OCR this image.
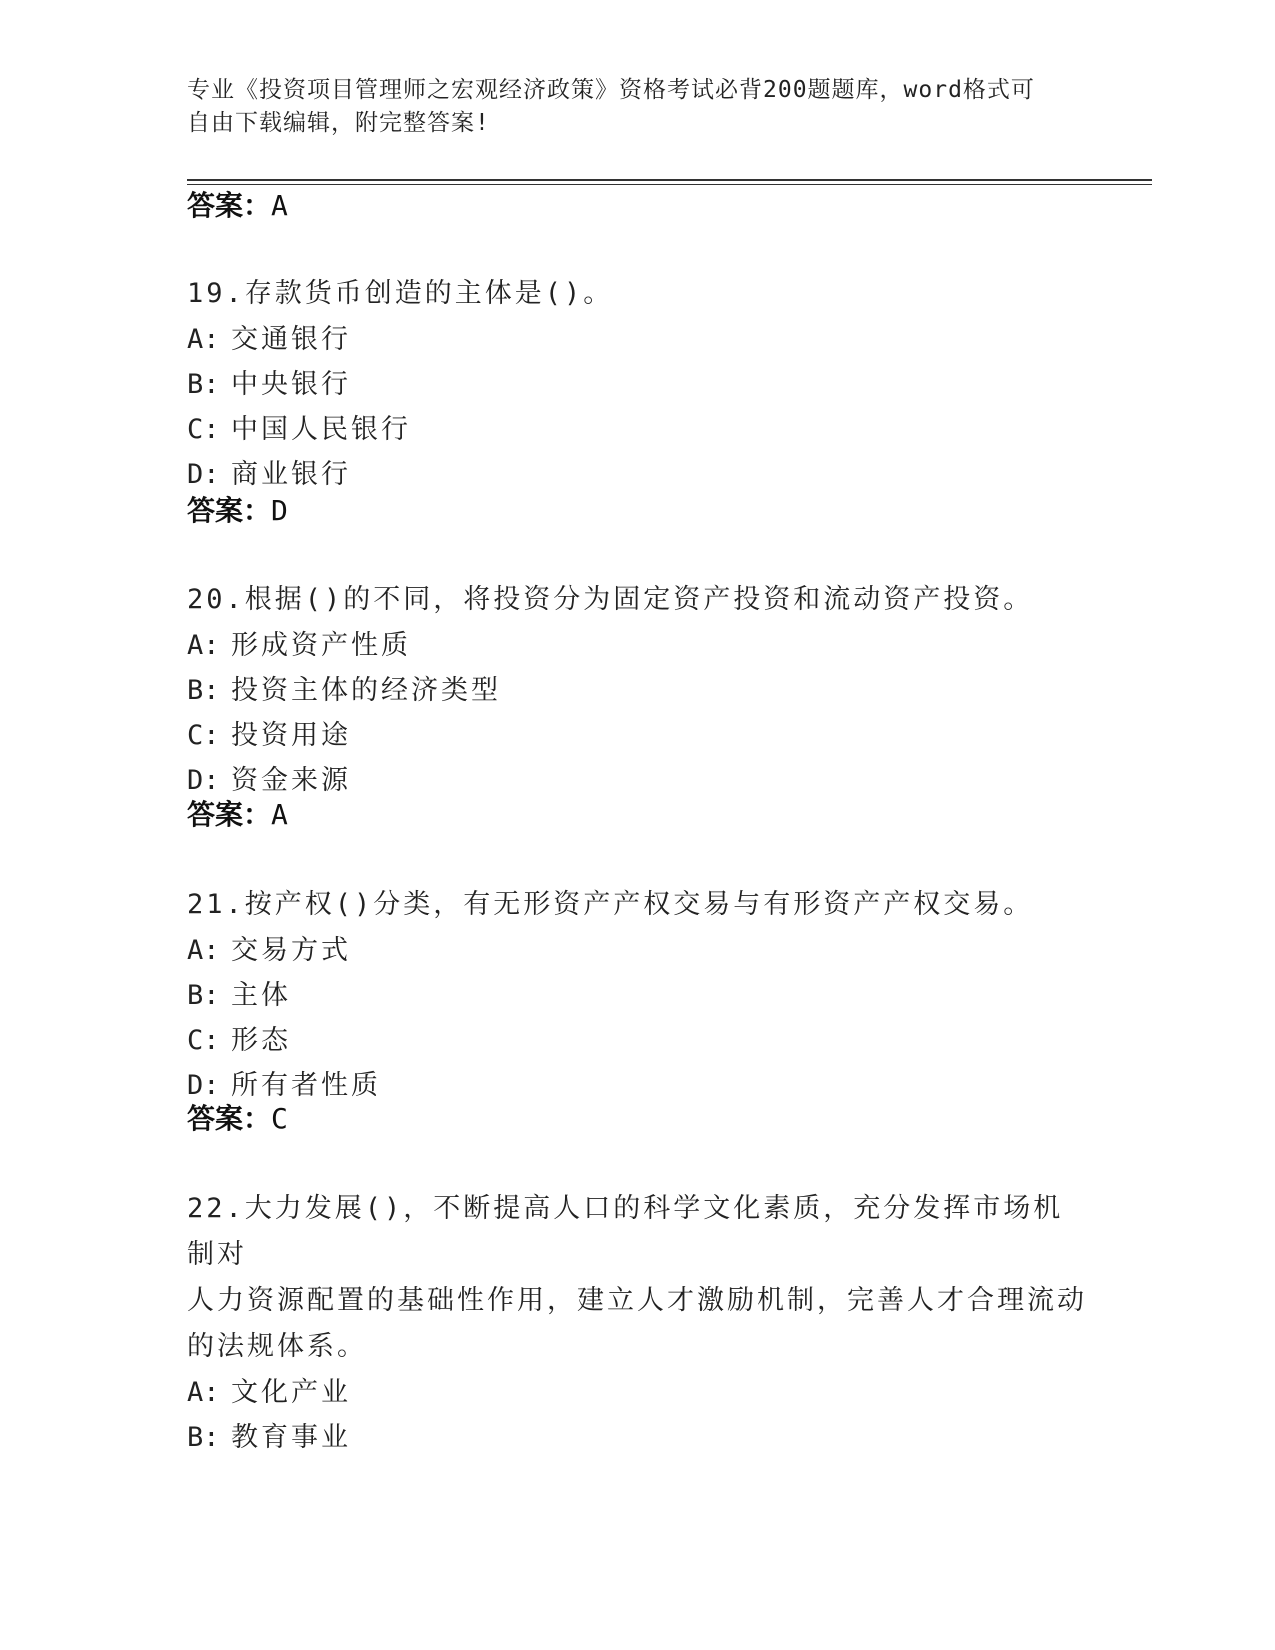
专业《投资项目管理师之宏观经济政策》资格考试必背200题题库，word格式可
自由下载编辑，附完整答案!
答案：A
19.存款货币创造的主体是()。
A: 交通银行
B: 中央银行
C: 中国人民银行
D: 商业银行
答案：D
20.根据()的不同，将投资分为固定资产投资和流动资产投资。
A: 形成资产性质
B: 投资主体的经济类型
C: 投资用途
D: 资金来源
答案：A
21.按产权()分类，有无形资产产权交易与有形资产产权交易。
A: 交易方式
B: 主体
C: 形态
D: 所有者性质
答案：C
22.大力发展()，不断提高人口的科学文化素质，充分发挥市场机制对
人力资源配置的基础性作用，建立人才激励机制，完善人才合理流动
的法规体系。
A: 文化产业
B: 教育事业
